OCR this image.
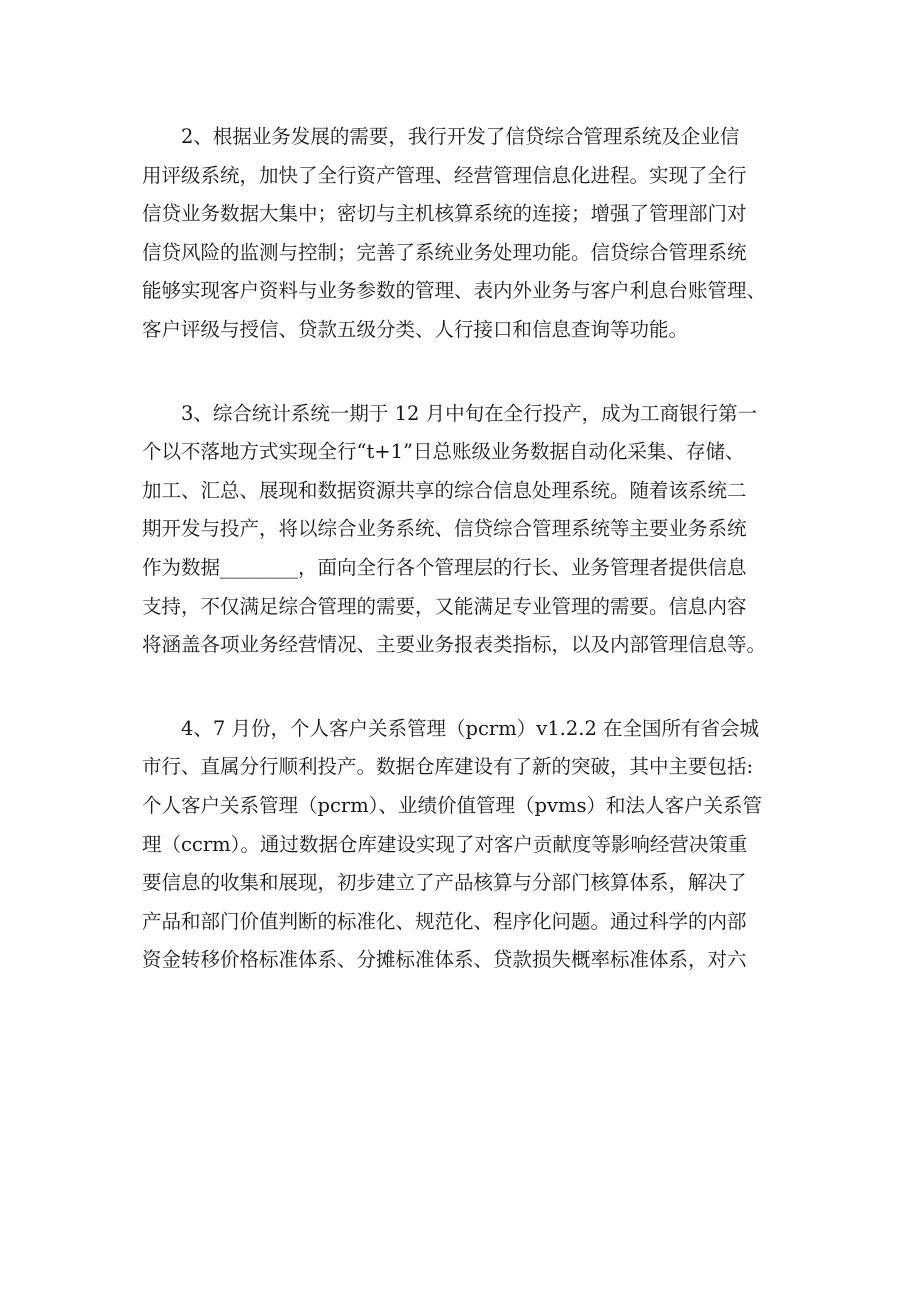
2、根据业务发展的需要，我行开发了信贷综合管理系统及企业信
用评级系统，加快了全行资产管理、经营管理信息化进程。实现了全行
信贷业务数据大集中；密切与主机核算系统的连接；增强了管理部门对
信贷风险的监测与控制；完善了系统业务处理功能。信贷综合管理系统
能够实现客户资料与业务参数的管理、表内外业务与客户利息台账管理、
客户评级与授信、贷款五级分类、人行接口和信息查询等功能。
3、综合统计系统一期于 12 月中旬在全行投产，成为工商银行第一
个以不落地方式实现全行“t+1”日总账级业务数据自动化采集、存储、
加工、汇总、展现和数据资源共享的综合信息处理系统。随着该系统二
期开发与投产，将以综合业务系统、信贷综合管理系统等主要业务系统
作为数据________，面向全行各个管理层的行长、业务管理者提供信息
支持，不仅满足综合管理的需要，又能满足专业管理的需要。信息内容
将涵盖各项业务经营情况、主要业务报表类指标，以及内部管理信息等。
4、7 月份，个人客户关系管理（pcrm）v1.2.2 在全国所有省会城
市行、直属分行顺利投产。数据仓库建设有了新的突破，其中主要包括:
个人客户关系管理（pcrm）、业绩价值管理（pvms）和法人客户关系管
理（ccrm）。通过数据仓库建设实现了对客户贡献度等影响经营决策重
要信息的收集和展现，初步建立了产品核算与分部门核算体系，解决了
产品和部门价值判断的标准化、规范化、程序化问题。通过科学的内部
资金转移价格标准体系、分摊标准体系、贷款损失概率标准体系，对六
